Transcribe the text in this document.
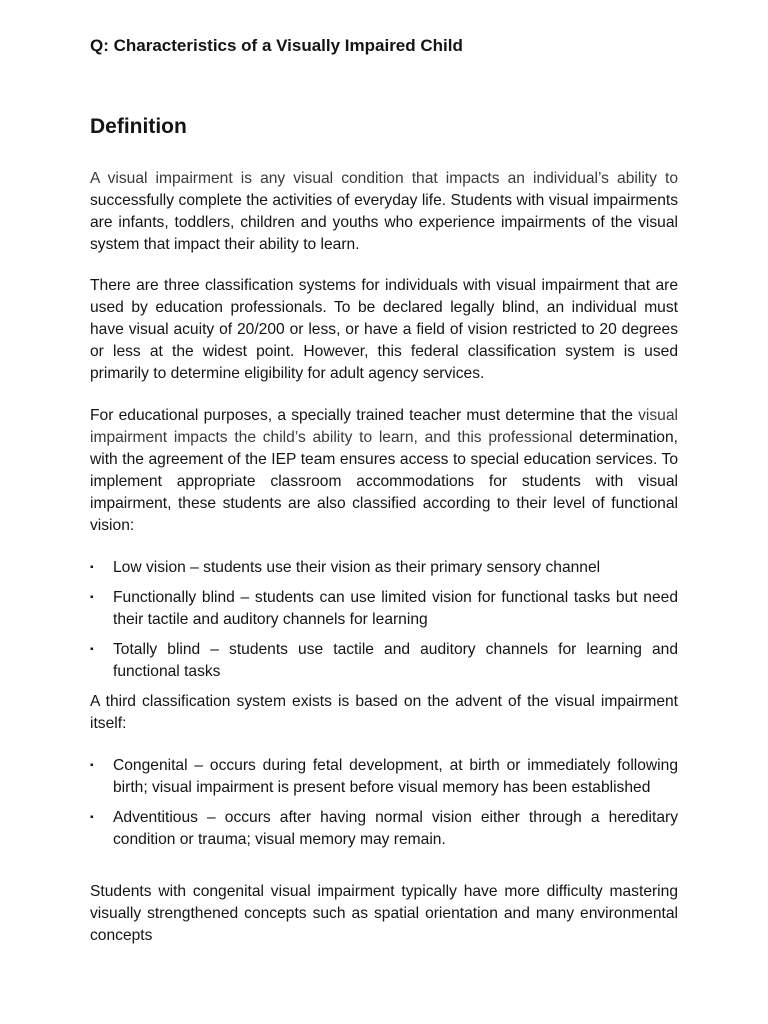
Q: Characteristics of a Visually Impaired Child
Definition

A visual impairment is any visual condition that impacts an individual’s ability to successfully complete the activities of everyday life. Students with visual impairments are infants, toddlers, children and youths who experience impairments of the visual system that impact their ability to learn.

There are three classification systems for individuals with visual impairment that are used by education professionals. To be declared legally blind, an individual must have visual acuity of 20/200 or less, or have a field of vision restricted to 20 degrees or less at the widest point. However, this federal classification system is used primarily to determine eligibility for adult agency services.

For educational purposes, a specially trained teacher must determine that the visual impairment impacts the child’s ability to learn, and this professional determination, with the agreement of the IEP team ensures access to special education services. To implement appropriate classroom accommodations for students with visual impairment, these students are also classified according to their level of functional vision:

▪ Low vision – students use their vision as their primary sensory channel
▪ Functionally blind – students can use limited vision for functional tasks but need their tactile and auditory channels for learning
▪ Totally blind – students use tactile and auditory channels for learning and functional tasks

A third classification system exists is based on the advent of the visual impairment itself:

▪ Congenital – occurs during fetal development, at birth or immediately following birth; visual impairment is present before visual memory has been established
▪ Adventitious – occurs after having normal vision either through a hereditary condition or trauma; visual memory may remain.

Students with congenital visual impairment typically have more difficulty mastering visually strengthened concepts such as spatial orientation and many environmental concepts
